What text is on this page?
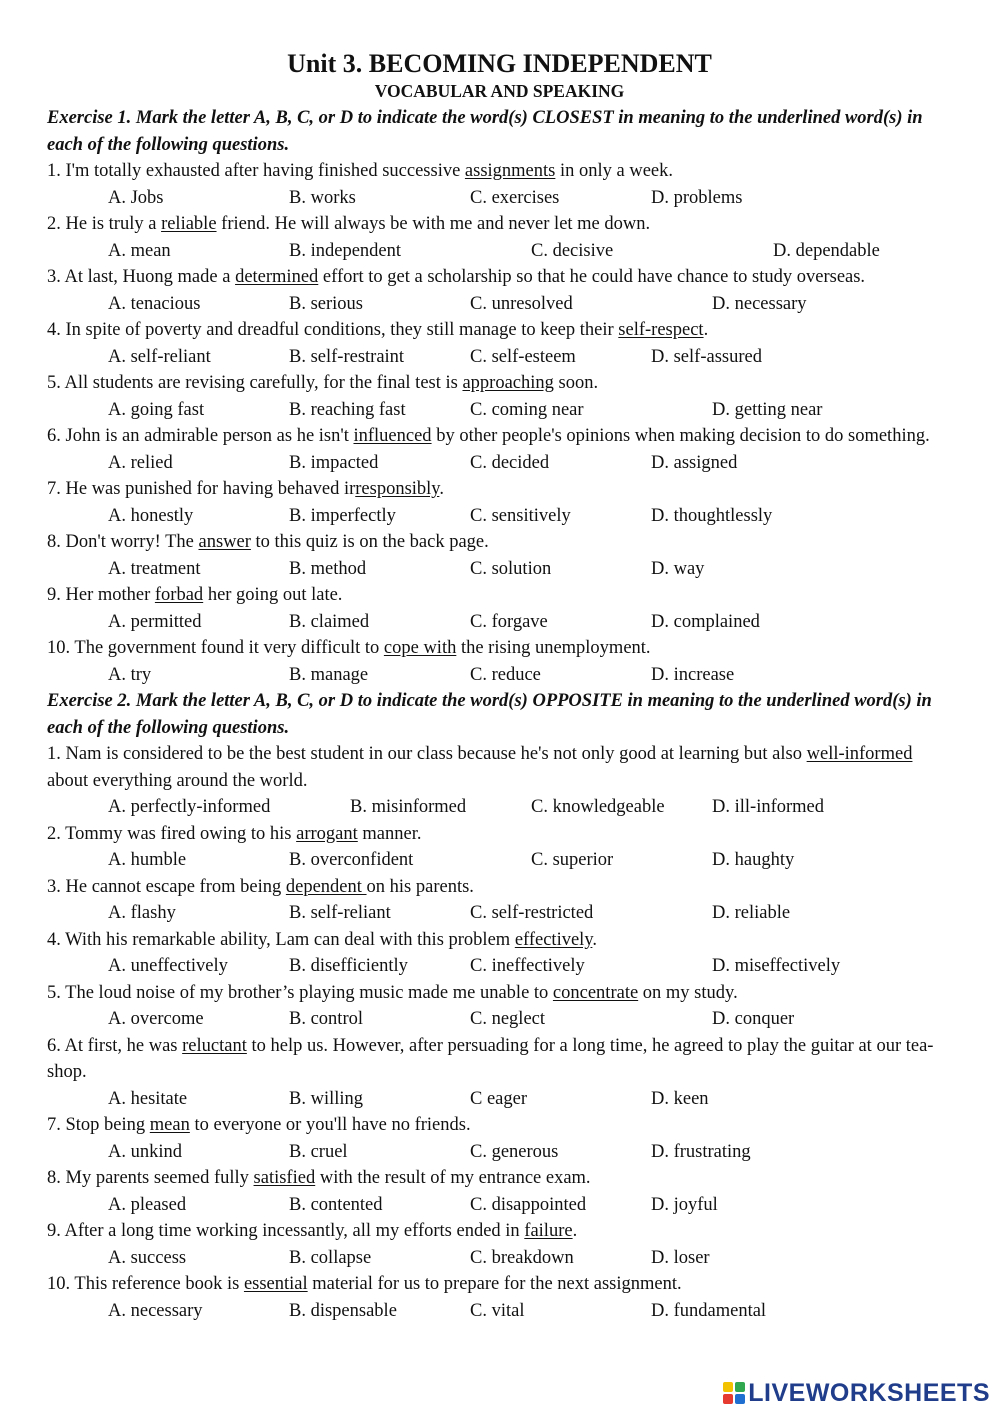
Unit 3. BECOMING INDEPENDENT
VOCABULAR AND SPEAKING
Exercise 1. Mark the letter A, B, C, or D to indicate the word(s) CLOSEST in meaning to the underlined word(s) in each of the following questions.
1. I'm totally exhausted after having finished successive assignments in only a week.
A. Jobs	B. works	C. exercises	D. problems
2. He is truly a reliable friend. He will always be with me and never let me down.
A. mean	B. independent	C. decisive	D. dependable
3. At last, Huong made a determined effort to get a scholarship so that he could have chance to study overseas.
A. tenacious	B. serious	C. unresolved	D. necessary
4. In spite of poverty and dreadful conditions, they still manage to keep their self-respect.
A. self-reliant	B. self-restraint	C. self-esteem	D. self-assured
5. All students are revising carefully, for the final test is approaching soon.
A. going fast	B. reaching fast	C. coming near	D. getting near
6. John is an admirable person as he isn't influenced by other people's opinions when making decision to do something.
A. relied	B. impacted	C. decided	D. assigned
7. He was punished for having behaved irresponsibly.
A. honestly	B. imperfectly	C. sensitively	D. thoughtlessly
8. Don't worry! The answer to this quiz is on the back page.
A. treatment	B. method	C. solution	D. way
9. Her mother forbad her going out late.
A. permitted	B. claimed	C. forgave	D. complained
10. The government found it very difficult to cope with the rising unemployment.
A. try	B. manage	C. reduce	D. increase
Exercise 2. Mark the letter A, B, C, or D to indicate the word(s) OPPOSITE in meaning to the underlined word(s) in each of the following questions.
1. Nam is considered to be the best student in our class because he's not only good at learning but also well-informed about everything around the world.
A. perfectly-informed	B. misinformed	C. knowledgeable	D. ill-informed
2. Tommy was fired owing to his arrogant manner.
A. humble	B. overconfident	C. superior	D. haughty
3. He cannot escape from being dependent on his parents.
A. flashy	B. self-reliant	C. self-restricted	D. reliable
4. With his remarkable ability, Lam can deal with this problem effectively.
A. uneffectively	B. disefficiently	C. ineffectively	D. miseffectively
5. The loud noise of my brother’s playing music made me unable to concentrate on my study.
A. overcome	B. control	C. neglect	D. conquer
6. At first, he was reluctant to help us. However, after persuading for a long time, he agreed to play the guitar at our tea-shop.
A. hesitate	B. willing	C eager	D. keen
7. Stop being mean to everyone or you'll have no friends.
A. unkind	B. cruel	C. generous	D. frustrating
8. My parents seemed fully satisfied with the result of my entrance exam.
A. pleased	B. contented	C. disappointed	D. joyful
9. After a long time working incessantly, all my efforts ended in failure.
A. success	B. collapse	C. breakdown	D. loser
10. This reference book is essential material for us to prepare for the next assignment.
A. necessary	B. dispensable	C. vital	D. fundamental
LIVEWORKSHEETS
